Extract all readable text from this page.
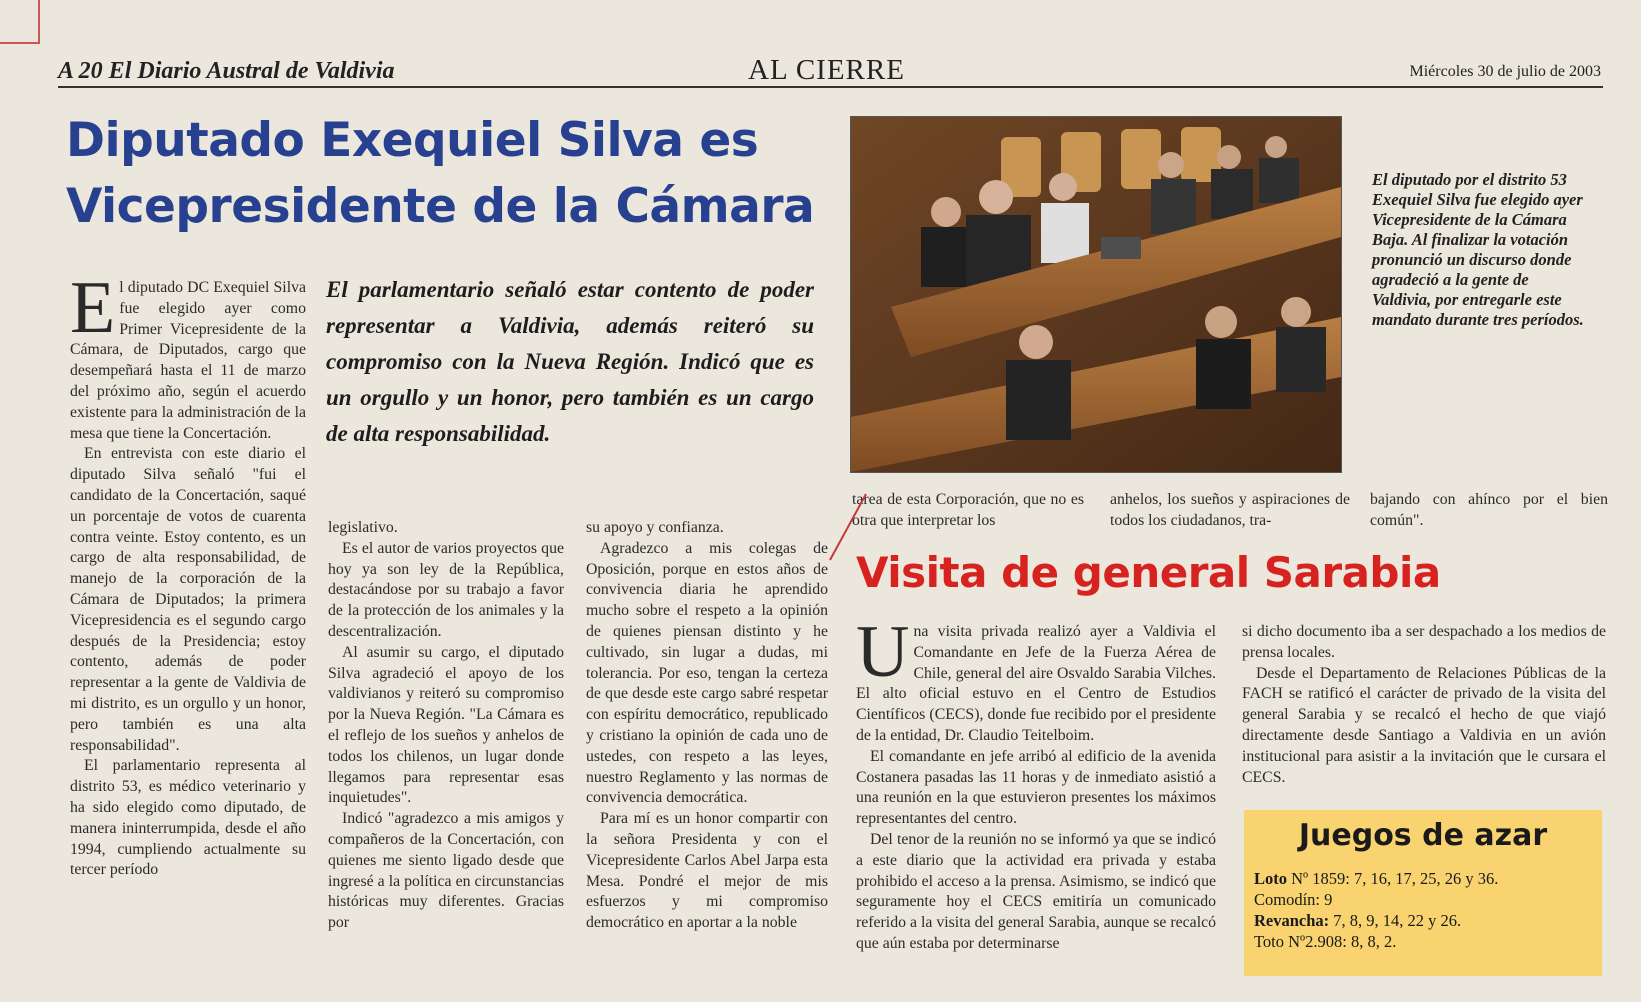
A 20 El Diario Austral de Valdivia	AL CIERRE	Miércoles 30 de julio de 2003
Diputado Exequiel Silva es
Vicepresidente de la Cámara
El parlamentario señaló estar contento de poder representar a Valdivia, además reiteró su compromiso con la Nueva Región. Indicó que es un orgullo y un honor, pero también es un cargo de alta responsabilidad.

El diputado DC Exequiel Silva fue elegido ayer como Primer Vicepresidente de la Cámara, de Diputados, cargo que desempeñará hasta el 11 de marzo del próximo año, según el acuerdo existente para la administración de la mesa que tiene la Concertación.

En entrevista con este diario el diputado Silva señaló "fui el candidato de la Concertación, saqué un porcentaje de votos de cuarenta contra veinte. Estoy contento, es un cargo de alta responsabilidad, de manejo de la corporación de la Cámara de Diputados; la primera Vicepresidencia es el segundo cargo después de la Presidencia; estoy contento, además de poder representar a la gente de Valdivia de mi distrito, es un orgullo y un honor, pero también es una alta responsabilidad".

El parlamentario representa al distrito 53, es médico veterinario y ha sido elegido como diputado, de manera ininterrumpida, desde el año 1994, cumpliendo actualmente su tercer período

legislativo.

Es el autor de varios proyectos que hoy ya son ley de la República, destacándose por su trabajo a favor de la protección de los animales y la descentralización.

Al asumir su cargo, el diputado Silva agradeció el apoyo de los valdivianos y reiteró su compromiso por la Nueva Región. "La Cámara es el reflejo de los sueños y anhelos de todos los chilenos, un lugar donde llegamos para representar esas inquietudes".

Indicó "agradezco a mis amigos y compañeros de la Concertación, con quienes me siento ligado desde que ingresé a la política en circunstancias históricas muy diferentes. Gracias por

su apoyo y confianza.

Agradezco a mis colegas de Oposición, porque en estos años de convivencia diaria he aprendido mucho sobre el respeto a la opinión de quienes piensan distinto y he cultivado, sin lugar a dudas, mi tolerancia. Por eso, tengan la certeza de que desde este cargo sabré respetar con espíritu democrático, republicado y cristiano la opinión de cada uno de ustedes, con respeto a las leyes, nuestro Reglamento y las normas de convivencia democrática.

Para mí es un honor compartir con la señora Presidenta y con el Vicepresidente Carlos Abel Jarpa esta Mesa. Pondré el mejor de mis esfuerzos y mi compromiso democrático en aportar a la noble

El diputado por el distrito 53 Exequiel Silva fue elegido ayer Vicepresidente de la Cámara Baja. Al finalizar la votación pronunció un discurso donde agradeció a la gente de Valdivia, por entregarle este mandato durante tres períodos.

tarea de esta Corporación, que no es otra que interpretar los

anhelos, los sueños y aspiraciones de todos los ciudadanos, tra-

bajando con ahínco por el bien común".

Visita de general Sarabia

Una visita privada realizó ayer a Valdivia el Comandante en Jefe de la Fuerza Aérea de Chile, general del aire Osvaldo Sarabia Vilches. El alto oficial estuvo en el Centro de Estudios Científicos (CECS), donde fue recibido por el presidente de la entidad, Dr. Claudio Teitelboim.

El comandante en jefe arribó al edificio de la avenida Costanera pasadas las 11 horas y de inmediato asistió a una reunión en la que estuvieron presentes los máximos representantes del centro.

Del tenor de la reunión no se informó ya que se indicó a este diario que la actividad era privada y estaba prohibido el acceso a la prensa. Asimismo, se indicó que seguramente hoy el CECS emitiría un comunicado referido a la visita del general Sarabia, aunque se recalcó que aún estaba por determinarse

si dicho documento iba a ser despachado a los medios de prensa locales.

Desde el Departamento de Relaciones Públicas de la FACH se ratificó el carácter de privado de la visita del general Sarabia y se recalcó el hecho de que viajó directamente desde Santiago a Valdivia en un avión institucional para asistir a la invitación que le cursara el CECS.

Juegos de azar
Loto Nº 1859: 7, 16, 17, 25, 26 y 36.
Comodín: 9
Revancha: 7, 8, 9, 14, 22 y 26.
Toto Nº2.908: 8, 8, 2.
